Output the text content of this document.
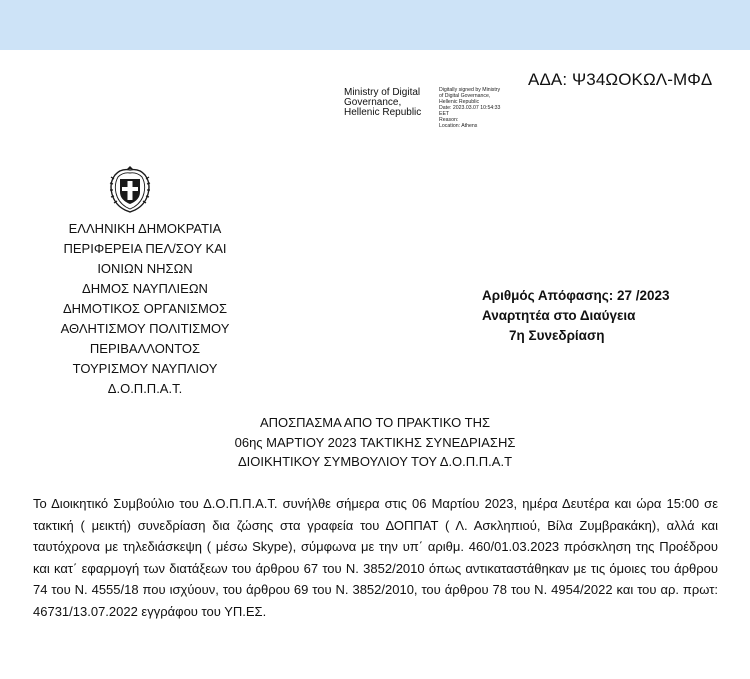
ΑΔΑ: Ψ34ΩΟΚΩΛ-ΜΦΔ
Ministry of Digital
Governance,
Hellenic Republic
Digitally signed by Ministry
of Digital Governance,
Hellenic Republic
Date: 2023.03.07 10:54:33
EET
Reason:
Location: Athens
ΕΛΛΗΝΙΚΗ ΔΗΜΟΚΡΑΤΙΑ
ΠΕΡΙΦΕΡΕΙΑ ΠΕΛ/ΣΟΥ ΚΑΙ
ΙΟΝΙΩΝ ΝΗΣΩΝ
ΔΗΜΟΣ ΝΑΥΠΛΙΕΩΝ
ΔΗΜΟΤΙΚΟΣ ΟΡΓΑΝΙΣΜΟΣ
ΑΘΛΗΤΙΣΜΟΥ ΠΟΛΙΤΙΣΜΟΥ
ΠΕΡΙΒΑΛΛΟΝΤΟΣ
ΤΟΥΡΙΣΜΟΥ ΝΑΥΠΛΙΟΥ
Δ.Ο.Π.Π.Α.Τ.
Αριθμός Απόφασης: 27 /2023
Αναρτητέα στο Διαύγεια
7η Συνεδρίαση
ΑΠΟΣΠΑΣΜΑ ΑΠΟ ΤΟ ΠΡΑΚΤΙΚΟ ΤΗΣ
06ης ΜΑΡΤΙΟΥ 2023 ΤΑΚΤΙΚΗΣ ΣΥΝΕΔΡΙΑΣΗΣ
ΔΙΟΙΚΗΤΙΚΟΥ ΣΥΜΒΟΥΛΙΟΥ ΤΟΥ Δ.Ο.Π.Π.Α.Τ

Το Διοικητικό Συμβούλιο του Δ.Ο.Π.Π.Α.Τ. συνήλθε σήμερα στις 06 Μαρτίου 2023, ημέρα Δευτέρα και ώρα 15:00 σε τακτική ( μεικτή) συνεδρίαση δια ζώσης στα γραφεία του ΔΟΠΠΑΤ ( Λ. Ασκληπιού, Βίλα Ζυμβρακάκη), αλλά και ταυτόχρονα με τηλεδιάσκεψη ( μέσω Skype), σύμφωνα με την υπ΄ αριθμ. 460/01.03.2023 πρόσκληση της Προέδρου και κατ΄ εφαρμογή των διατάξεων του άρθρου 67 του Ν. 3852/2010 όπως αντικαταστάθηκαν με τις όμοιες του άρθρου 74 του Ν. 4555/18 που ισχύουν, του άρθρου 69 του Ν. 3852/2010, του άρθρου 78 του Ν. 4954/2022 και του αρ. πρωτ: 46731/13.07.2022 εγγράφου του ΥΠ.ΕΣ.
